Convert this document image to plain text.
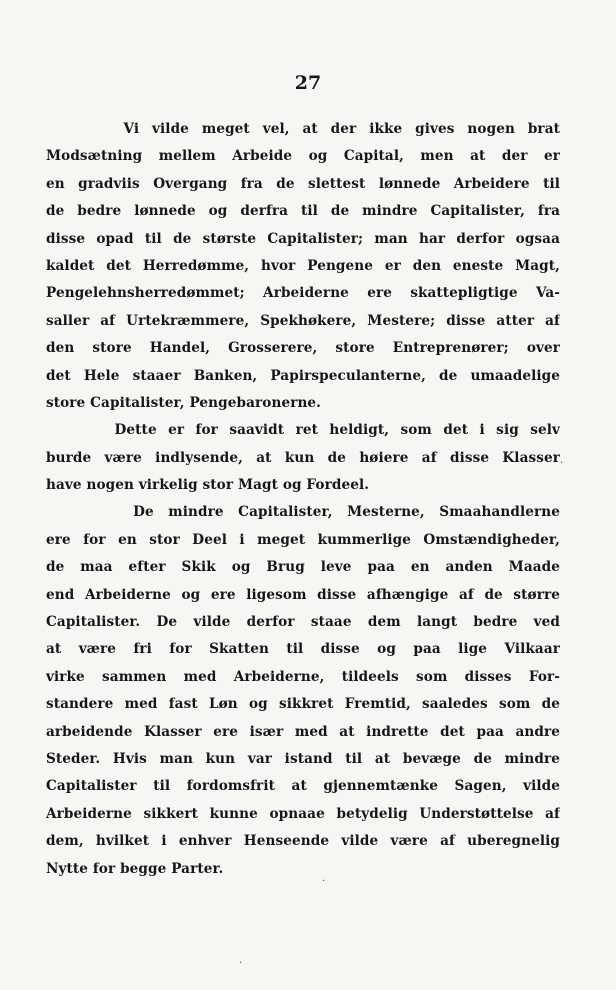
27
Vi vilde meget vel, at der ikke gives nogen brat
Modsætning mellem Arbeide og Capital, men at der er
en gradviis Overgang fra de slettest lønnede Arbeidere til
de bedre lønnede og derfra til de mindre Capitalister, fra
disse opad til de største Capitalister; man har derfor ogsaa
kaldet det Herredømme, hvor Pengene er den eneste Magt,
Pengelehnsherredømmet; Arbeiderne ere skattepligtige Va-
saller af Urtekræmmere, Spekhøkere, Mestere; disse atter af
den store Handel, Grosserere, store Entreprenører; over
det Hele staaer Banken, Papirspeculanterne, de umaadelige
store Capitalister, Pengebaronerne.
Dette er for saavidt ret heldigt, som det i sig selv
burde være indlysende, at kun de høiere af disse Klasser
have nogen virkelig stor Magt og Fordeel.
De mindre Capitalister, Mesterne, Smaahandlerne
ere for en stor Deel i meget kummerlige Omstændigheder,
de maa efter Skik og Brug leve paa en anden Maade
end Arbeiderne og ere ligesom disse afhængige af de større
Capitalister. De vilde derfor staae dem langt bedre ved
at være fri for Skatten til disse og paa lige Vilkaar
virke sammen med Arbeiderne, tildeels som disses For-
standere med fast Løn og sikkret Fremtid, saaledes som de
arbeidende Klasser ere især med at indrette det paa andre
Steder. Hvis man kun var istand til at bevæge de mindre
Capitalister til fordomsfrit at gjennemtænke Sagen, vilde
Arbeiderne sikkert kunne opnaae betydelig Understøttelse af
dem, hvilket i enhver Henseende vilde være af uberegnelig
Nytte for begge Parter.
·
·
·
